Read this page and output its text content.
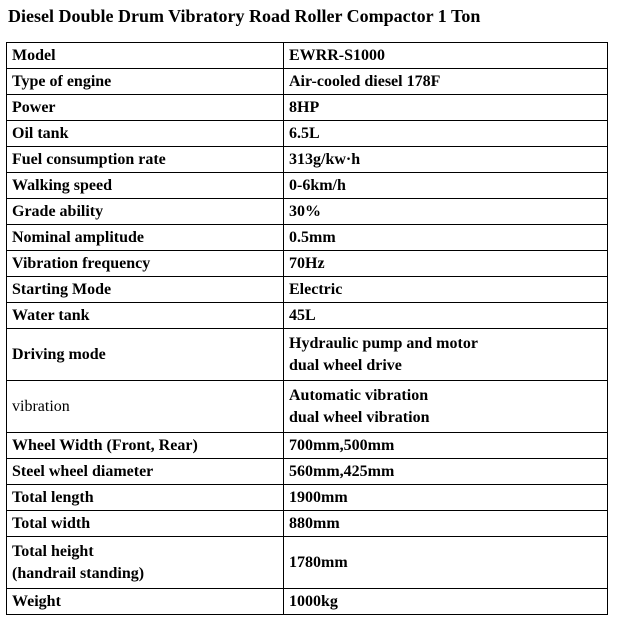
Diesel Double Drum Vibratory Road Roller Compactor 1 Ton
Model	EWRR-S1000
Type of engine	Air-cooled diesel 178F
Power	8HP
Oil tank	6.5L
Fuel consumption rate	313g/kw·h
Walking speed	0-6km/h
Grade ability	30%
Nominal amplitude	0.5mm
Vibration frequency	70Hz
Starting Mode	Electric
Water tank	45L
Driving mode	Hydraulic pump and motor
dual wheel drive

vibration	Automatic vibration
dual wheel vibration

Wheel Width (Front, Rear)	700mm,500mm
Steel wheel diameter	560mm,425mm
Total length	1900mm
Total width	880mm

Total height
(handrail standing)	1780mm
Weight	1000kg
